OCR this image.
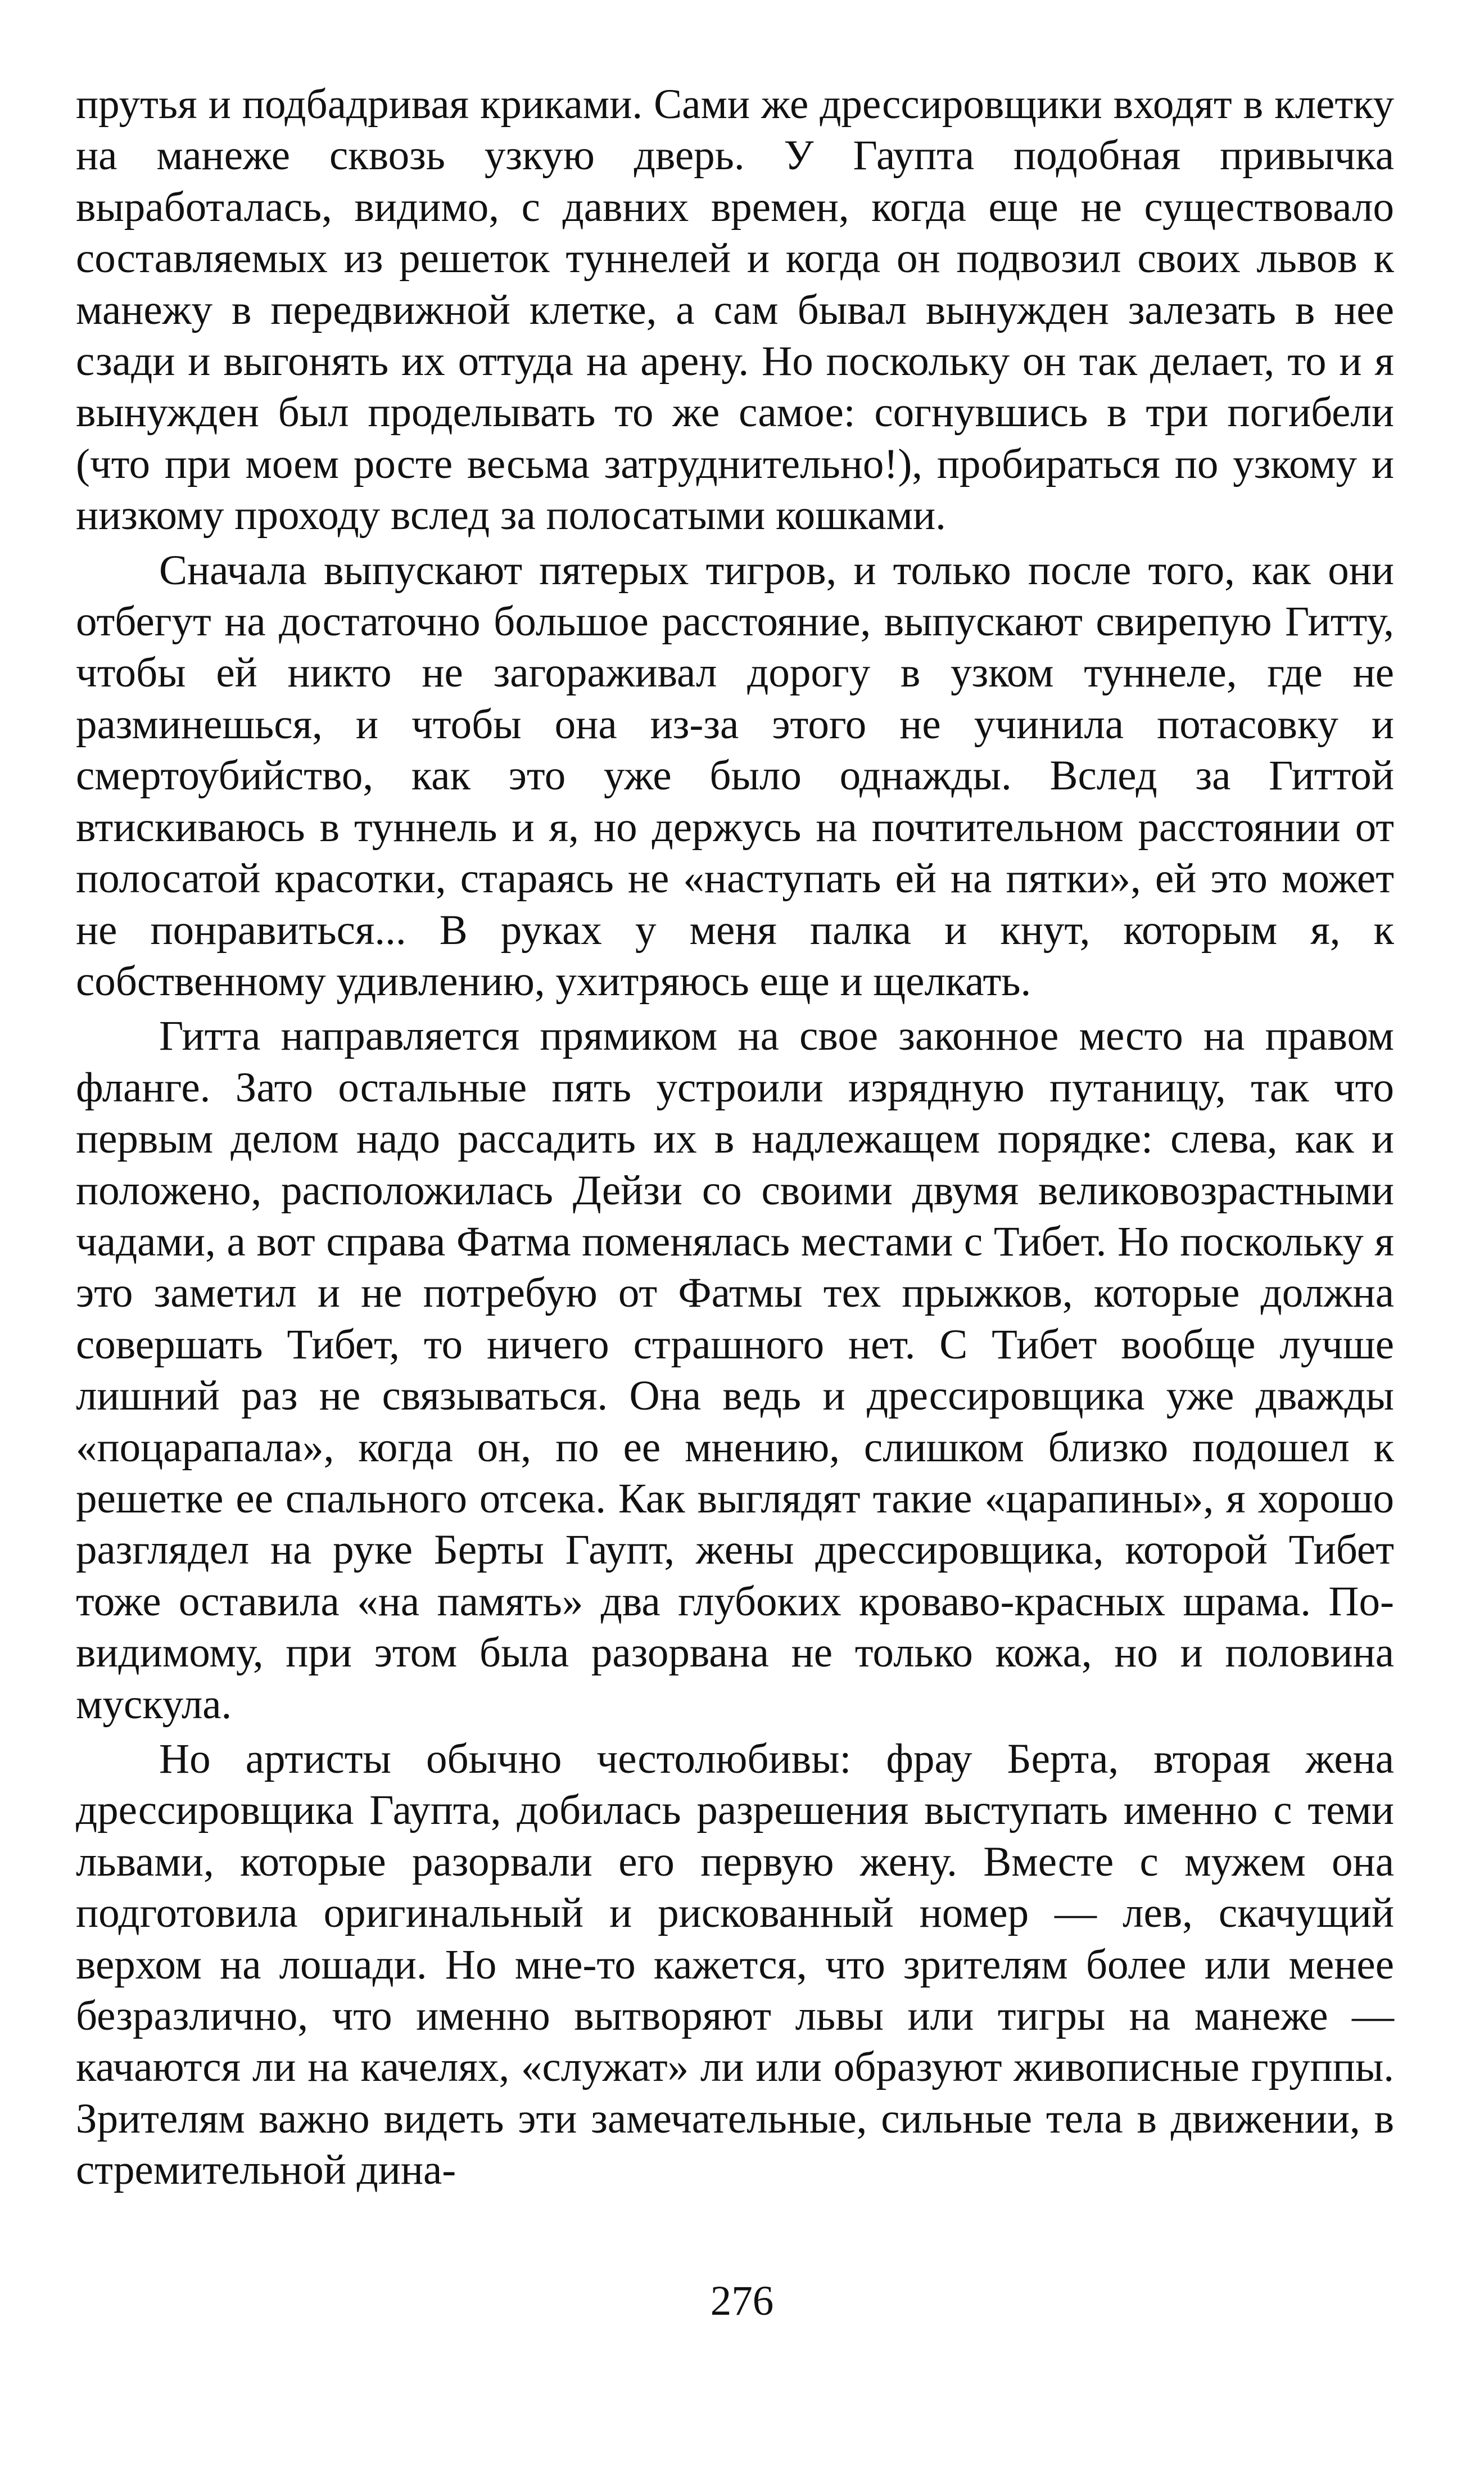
прутья и подбадривая криками. Сами же дрессировщики входят в клетку на манеже сквозь узкую дверь. У Гаупта подобная привычка выработалась, видимо, с давних времен, когда еще не существовало составляемых из решеток туннелей и когда он подвозил своих львов к манежу в передвижной клетке, а сам бывал вынужден залезать в нее сзади и выгонять их оттуда на арену. Но поскольку он так делает, то и я вынужден был проделывать то же самое: согнувшись в три погибели (что при моем росте весьма затруднительно!), пробираться по узкому и низкому проходу вслед за полосатыми кошками.

Сначала выпускают пятерых тигров, и только после того, как они отбегут на достаточно большое расстояние, выпускают свирепую Гитту, чтобы ей никто не загораживал дорогу в узком туннеле, где не разминешься, и чтобы она из-за этого не учинила потасовку и смертоубийство, как это уже было однажды. Вслед за Гиттой втискиваюсь в туннель и я, но держусь на почтительном расстоянии от полосатой красотки, стараясь не «наступать ей на пятки», ей это может не понравиться... В руках у меня палка и кнут, которым я, к собственному удивлению, ухитряюсь еще и щелкать.

Гитта направляется прямиком на свое законное место на правом фланге. Зато остальные пять устроили изрядную путаницу, так что первым делом надо рассадить их в надлежащем порядке: слева, как и положено, расположилась Дейзи со своими двумя великовозрастными чадами, а вот справа Фатма поменялась местами с Тибет. Но поскольку я это заметил и не потребую от Фатмы тех прыжков, которые должна совершать Тибет, то ничего страшного нет. С Тибет вообще лучше лишний раз не связываться. Она ведь и дрессировщика уже дважды «поцарапала», когда он, по ее мнению, слишком близко подошел к решетке ее спального отсека. Как выглядят такие «царапины», я хорошо разглядел на руке Берты Гаупт, жены дрессировщика, которой Тибет тоже оставила «на память» два глубоких кроваво-красных шрама. По-видимому, при этом была разорвана не только кожа, но и половина мускула.

Но артисты обычно честолюбивы: фрау Берта, вторая жена дрессировщика Гаупта, добилась разрешения выступать именно с теми львами, которые разорвали его первую жену. Вместе с мужем она подготовила оригинальный и рискованный номер — лев, скачущий верхом на лошади. Но мне-то кажется, что зрителям более или менее безразлично, что именно вытворяют львы или тигры на манеже — качаются ли на качелях, «служат» ли или образуют живописные группы. Зрителям важно видеть эти замечательные, сильные тела в движении, в стремительной дина-

276
